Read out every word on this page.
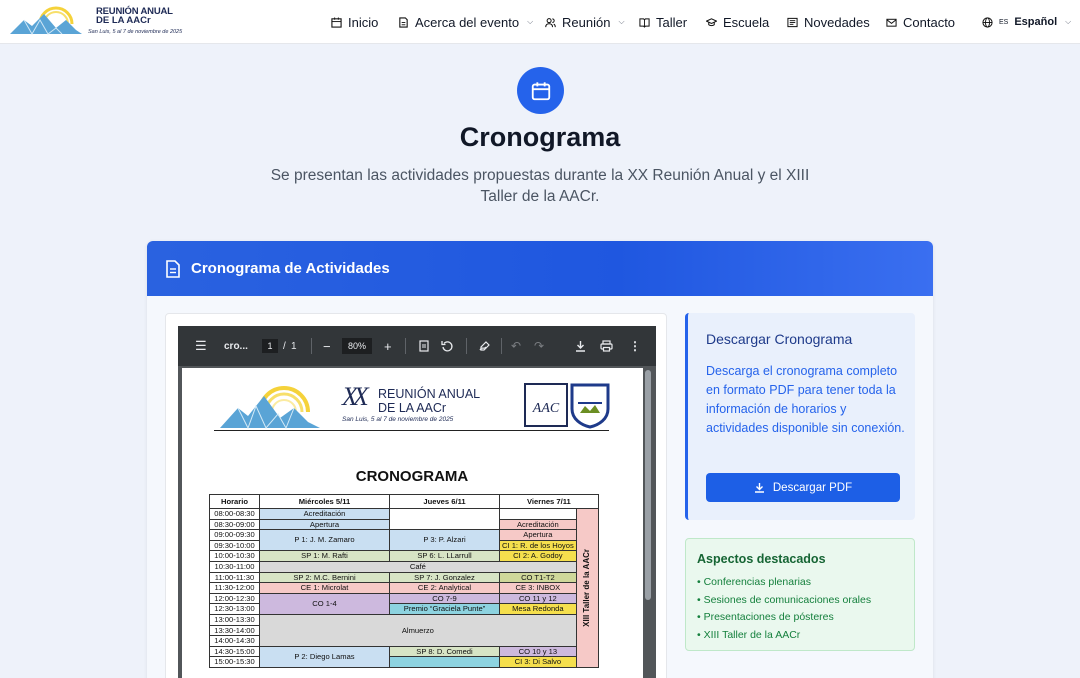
REUNIÓN ANUAL
DE LA AACr
San Luis, 5 al 7 de noviembre de 2025
Inicio	Acerca del evento ⌵ Reunión ⌵ Taller	Escuela	Novedades	Contacto	ES Español ⌵
Cronograma
Se presentan las actividades propuestas durante la XX Reunión Anual y el XIII Taller de la AACr.
Cronograma de Actividades
☰ cro...	1	/ 1 −	80%	+	↶ ↷	⋮
XX REUNIÓN ANUAL
DE LA AACr
San Luis, 5 al 7 de noviembre de 2025
AAC
CRONOGRAMA
Horario	Miércoles 5/11	Jueves 6/11	Viernes 7/11	
08:00-08:30	Acreditación			XIII Taller de la AACr

08:30-09:00	Apertura		Acreditación	
09:00-09:30	P 1: J. M. Zamaro	P 3: P. Alzari	Apertura	
09:30-10:00			CI 1: R. de los Hoyos	
10:00-10:30	SP 1: M. Rafti	SP 6: L. LLarrull	CI 2: A. Godoy	
10:30-11:00	Café			
11:00-11:30	SP 2: M.C. Bernini	SP 7: J. Gonzalez	CO T1-T2	
11:30-12:00	CE 1: Microlat	CE 2: Analytical	CE 3: INBOX	
12:00-12:30	CO 1-4	CO 7-9	CO 11 y 12	
12:30-13:00		Premio “Graciela Punte”	Mesa Redonda	
13:00-13:30	Almuerzo			
13:30-14:00				
14:00-14:30				
14:30-15:00	P 2: Diego Lamas	SP 8: D. Comedi	CO 10 y 13	
15:00-15:30			CI 3: Di Salvo	
Descargar Cronograma

Descarga el cronograma completo en formato PDF para tener toda la información de horarios y actividades disponible sin conexión.

Descargar PDF
Aspectos destacados
• Conferencias plenarias
• Sesiones de comunicaciones orales
• Presentaciones de pósteres
• XIII Taller de la AACr
